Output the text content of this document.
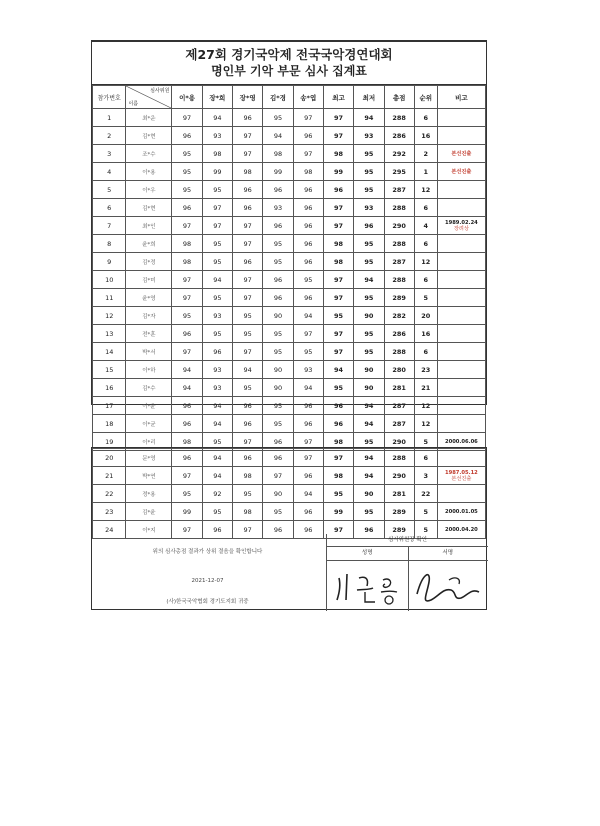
제27회 경기국악제 전국국악경연대회
명인부 기악 부문 심사 집계표
참가번호	심사위원
이름	이*용	장*희	장*영	김*경	송*엽	최고	최저	총점	순위	비고
1	최*운	97	94	96	95	97	97	94	288	6	

2	김*현	96	93	97	94	96	97	93	286	16	

3	조*수	95	98	97	98	97	98	95	292	2	본선진출

4	이*용	95	99	98	99	98	99	95	295	1	본선진출

5	이*우	95	95	96	96	96	96	95	287	12	

6	김*현	96	97	96	93	96	97	93	288	6	

7	최*인	97	97	97	96	96	97	96	290	4	1989.02.24
장려상

8	윤*희	98	95	97	95	96	98	95	288	6	

9	김*정	98	95	96	95	96	98	95	287	12	

10	김*미	97	94	97	96	95	97	94	288	6	

11	윤*영	97	95	97	96	96	97	95	289	5	

12	김*자	95	93	95	90	94	95	90	282	20	

13	전*훈	96	95	95	95	97	97	95	286	16	

14	박*서	97	96	97	95	95	97	95	288	6	

15	이*하	94	93	94	90	93	94	90	280	23	

16	김*수	94	93	95	90	94	95	90	281	21	

17	이*윤	96	94	96	95	96	96	94	287	12	

18	이*균	96	94	96	95	96	96	94	287	12	

19	이*리	98	95	97	96	97	98	95	290	5	2000.06.06
20	문*영	96	94	96	96	97	97	94	288	6	

21	박*연	97	94	98	97	96	98	94	290	3	1987.05.12
본선진출

22	정*용	95	92	95	90	94	95	90	281	22	

23	김*윤	99	95	98	95	96	99	95	289	5	2000.01.05

24	이*지	97	96	97	96	96	97	96	289	5	2000.04.20
위의 심사총점 결과가 상위 결음을 확인합니다
2021-12-07
(사)한국국악협회 경기도지회 귀중
심사위원장 확인
성명	서명
